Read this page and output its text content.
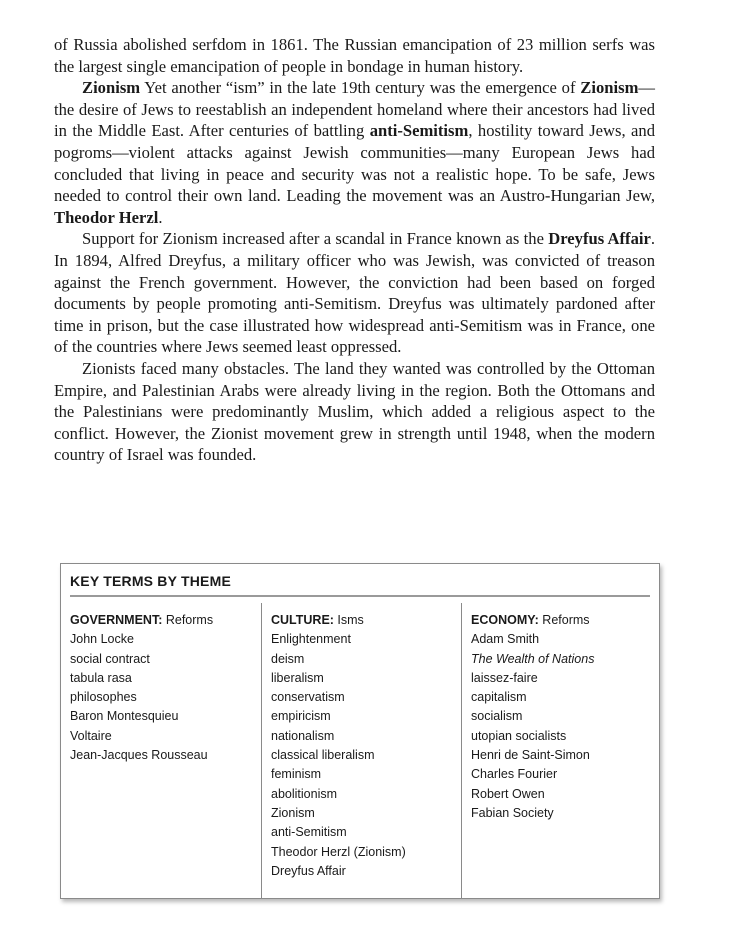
of Russia abolished serfdom in 1861. The Russian emancipation of 23 million serfs was the largest single emancipation of people in bondage in human history.

Zionism Yet another “ism” in the late 19th century was the emergence of Zionism—the desire of Jews to reestablish an independent homeland where their ancestors had lived in the Middle East. After centuries of battling anti-Semitism, hostility toward Jews, and pogroms—violent attacks against Jewish communities—many European Jews had concluded that living in peace and security was not a realistic hope. To be safe, Jews needed to control their own land. Leading the movement was an Austro-Hungarian Jew, Theodor Herzl.

Support for Zionism increased after a scandal in France known as the Dreyfus Affair. In 1894, Alfred Dreyfus, a military officer who was Jewish, was convicted of treason against the French government. However, the conviction had been based on forged documents by people promoting anti-Semitism. Dreyfus was ultimately pardoned after time in prison, but the case illustrated how widespread anti-Semitism was in France, one of the countries where Jews seemed least oppressed.

Zionists faced many obstacles. The land they wanted was controlled by the Ottoman Empire, and Palestinian Arabs were already living in the region. Both the Ottomans and the Palestinians were predominantly Muslim, which added a religious aspect to the conflict. However, the Zionist movement grew in strength until 1948, when the modern country of Israel was founded.

KEY TERMS BY THEME
GOVERNMENT: Reforms
John Locke
social contract
tabula rasa
philosophes
Baron Montesquieu
Voltaire
Jean-Jacques Rousseau
CULTURE: Isms
Enlightenment
deism
liberalism
conservatism
empiricism
nationalism
classical liberalism
feminism
abolitionism
Zionism
anti-Semitism
Theodor Herzl (Zionism)
Dreyfus Affair
ECONOMY: Reforms
Adam Smith
The Wealth of Nations
laissez-faire
capitalism
socialism
utopian socialists
Henri de Saint-Simon
Charles Fourier
Robert Owen
Fabian Society
